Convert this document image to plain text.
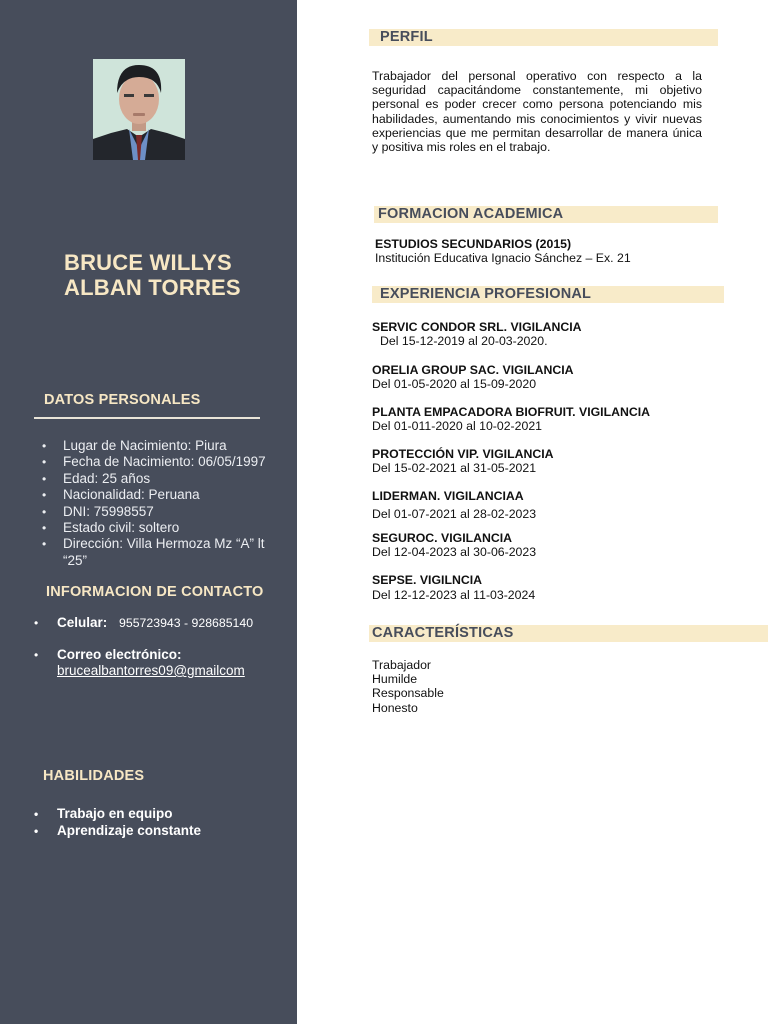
BRUCE WILLYS
ALBAN TORRES
DATOS PERSONALES
• Lugar de Nacimiento: Piura
• Fecha de Nacimiento: 06/05/1997
• Edad: 25 años
• Nacionalidad: Peruana
• DNI: 75998557
• Estado civil: soltero
• Dirección: Villa Hermoza Mz “A” lt
“25”
INFORMACION DE CONTACTO
• Celular: 955723943 - 928685140
• Correo electrónico:
brucealbantorres09@gmailcom
HABILIDADES
• Trabajo en equipo
• Aprendizaje constante
PERFIL
Trabajador del personal operativo con respecto a la seguridad capacitándome constantemente, mi objetivo personal es poder crecer como persona potenciando mis habilidades, aumentando mis conocimientos y vivir nuevas experiencias que me permitan desarrollar de manera única y positiva mis roles en el trabajo.
FORMACION ACADEMICA
ESTUDIOS SECUNDARIOS (2015)
Institución Educativa Ignacio Sánchez – Ex. 21
EXPERIENCIA PROFESIONAL
SERVIC CONDOR SRL. VIGILANCIA
Del 15-12-2019 al 20-03-2020.
ORELIA GROUP SAC. VIGILANCIA
Del 01-05-2020 al 15-09-2020
PLANTA EMPACADORA BIOFRUIT. VIGILANCIA
Del 01-011-2020 al 10-02-2021
PROTECCIÓN VIP. VIGILANCIA
Del 15-02-2021 al 31-05-2021
LIDERMAN. VIGILANCIAA
Del 01-07-2021 al 28-02-2023
SEGUROC. VIGILANCIA
Del 12-04-2023 al 30-06-2023
SEPSE. VIGILNCIA
Del 12-12-2023 al 11-03-2024
CARACTERÍSTICAS
Trabajador
Humilde
Responsable
Honesto
